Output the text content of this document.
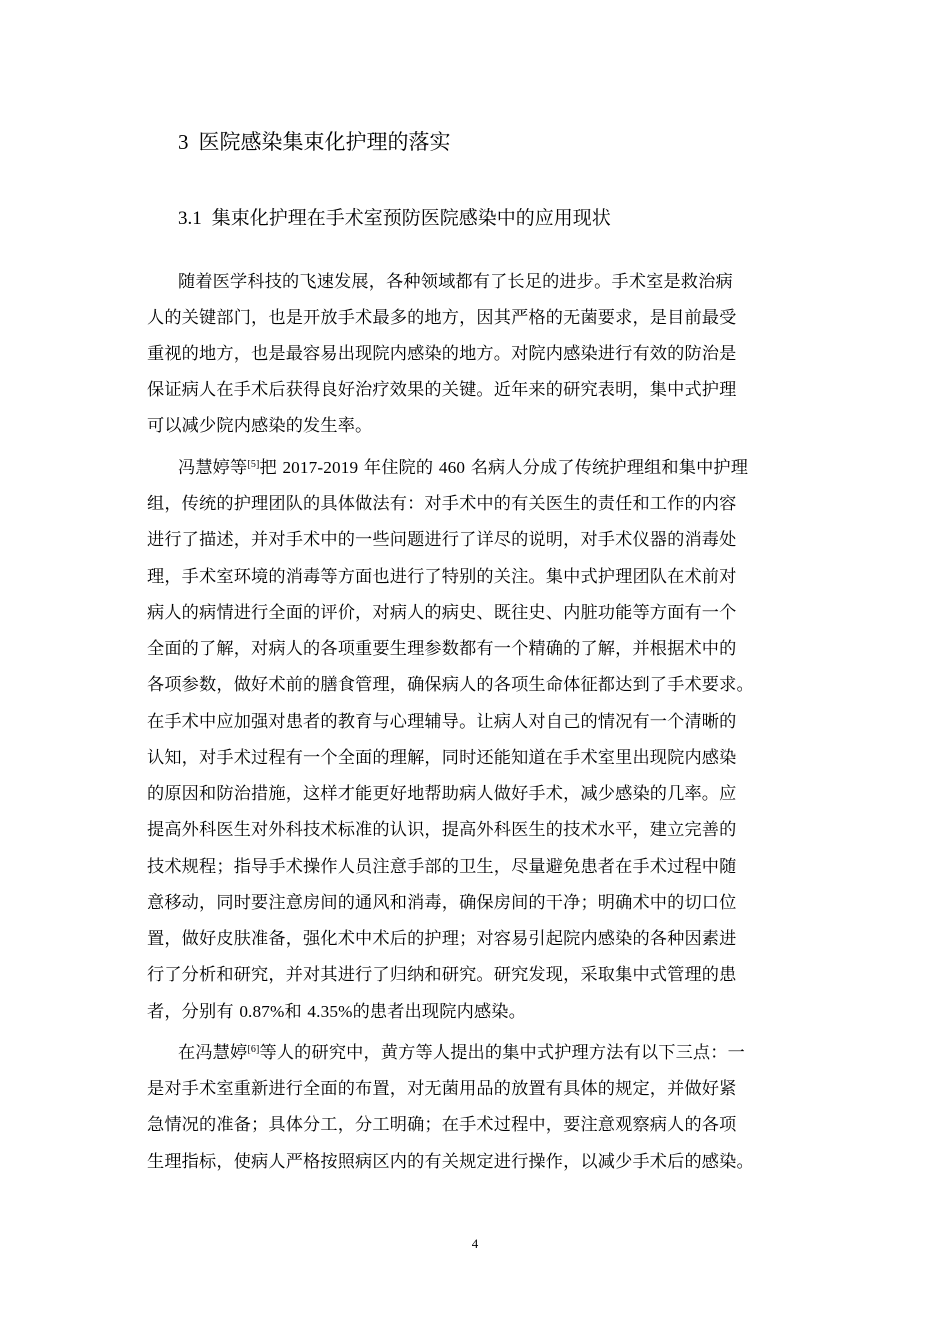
3 医院感染集束化护理的落实
3.1 集束化护理在手术室预防医院感染中的应用现状
随着医学科技的飞速发展，各种领域都有了长足的进步。手术室是救治病
人的关键部门，也是开放手术最多的地方，因其严格的无菌要求，是目前最受
重视的地方，也是最容易出现院内感染的地方。对院内感染进行有效的防治是
保证病人在手术后获得良好治疗效果的关键。近年来的研究表明，集中式护理
可以减少院内感染的发生率。
冯慧婷等[5]把 2017-2019 年住院的 460 名病人分成了传统护理组和集中护理
组，传统的护理团队的具体做法有：对手术中的有关医生的责任和工作的内容
进行了描述，并对手术中的一些问题进行了详尽的说明，对手术仪器的消毒处
理，手术室环境的消毒等方面也进行了特别的关注。集中式护理团队在术前对
病人的病情进行全面的评价，对病人的病史、既往史、内脏功能等方面有一个
全面的了解，对病人的各项重要生理参数都有一个精确的了解，并根据术中的
各项参数，做好术前的膳食管理，确保病人的各项生命体征都达到了手术要求。
在手术中应加强对患者的教育与心理辅导。让病人对自己的情况有一个清晰的
认知，对手术过程有一个全面的理解，同时还能知道在手术室里出现院内感染
的原因和防治措施，这样才能更好地帮助病人做好手术，减少感染的几率。应
提高外科医生对外科技术标准的认识，提高外科医生的技术水平，建立完善的
技术规程；指导手术操作人员注意手部的卫生，尽量避免患者在手术过程中随
意移动，同时要注意房间的通风和消毒，确保房间的干净；明确术中的切口位
置，做好皮肤准备，强化术中术后的护理；对容易引起院内感染的各种因素进
行了分析和研究，并对其进行了归纳和研究。研究发现，采取集中式管理的患
者，分别有 0.87%和 4.35%的患者出现院内感染。
在冯慧婷[6]等人的研究中，黄方等人提出的集中式护理方法有以下三点：一
是对手术室重新进行全面的布置，对无菌用品的放置有具体的规定，并做好紧
急情况的准备；具体分工，分工明确；在手术过程中，要注意观察病人的各项
生理指标，使病人严格按照病区内的有关规定进行操作，以减少手术后的感染。
4
